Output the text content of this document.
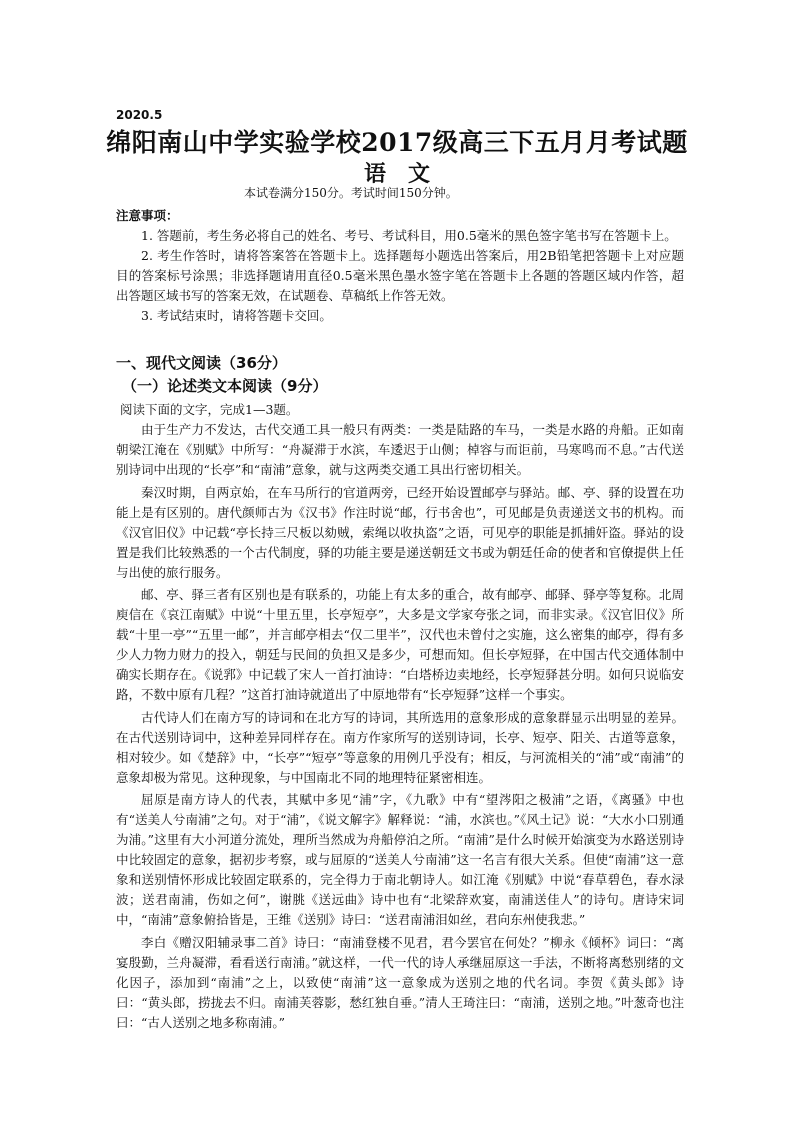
2020.5
绵阳南山中学实验学校2017级高三下五月月考试题
语　文
本试卷满分150分。考试时间150分钟。
注意事项：
1. 答题前，考生务必将自己的姓名、考号、考试科目，用0.5毫米的黑色签字笔书写在答题卡上。
2. 考生作答时，请将答案答在答题卡上。选择题每小题选出答案后，用2B铅笔把答题卡上对应题目的答案标号涂黑；非选择题请用直径0.5毫米黑色墨水签字笔在答题卡上各题的答题区域内作答，超出答题区域书写的答案无效，在试题卷、草稿纸上作答无效。
3. 考试结束时，请将答题卡交回。
一、现代文阅读（36分）
（一）论述类文本阅读（9分）
阅读下面的文字，完成1—3题。

由于生产力不发达，古代交通工具一般只有两类：一类是陆路的车马，一类是水路的舟船。正如南朝梁江淹在《别赋》中所写：“舟凝滞于水滨，车逶迟于山侧；棹容与而讵前，马寒鸣而不息。”古代送别诗词中出现的“长亭”和“南浦”意象，就与这两类交通工具出行密切相关。

秦汉时期，自两京始，在车马所行的官道两旁，已经开始设置邮亭与驿站。邮、亭、驿的设置在功能上是有区别的。唐代颜师古为《汉书》作注时说“邮，行书舍也”，可见邮是负责递送文书的机构。而《汉官旧仪》中记载“亭长持三尺板以劾贼，索绳以收执盗”之语，可见亭的职能是抓捕奸盗。驿站的设置是我们比较熟悉的一个古代制度，驿的功能主要是递送朝廷文书或为朝廷任命的使者和官僚提供上任与出使的旅行服务。

邮、亭、驿三者有区别也是有联系的，功能上有太多的重合，故有邮亭、邮驿、驿亭等复称。北周庾信在《哀江南赋》中说“十里五里，长亭短亭”，大多是文学家夸张之词，而非实录。《汉官旧仪》所载“十里一亭”“五里一邮”，并言邮亭相去“仅二里半”，汉代也未曾付之实施，这么密集的邮亭，得有多少人力物力财力的投入，朝廷与民间的负担又是多少，可想而知。但长亭短驿，在中国古代交通体制中确实长期存在。《说郛》中记载了宋人一首打油诗：“白塔桥边卖地经，长亭短驿甚分明。如何只说临安路，不数中原有几程？”这首打油诗就道出了中原地带有“长亭短驿”这样一个事实。

古代诗人们在南方写的诗词和在北方写的诗词，其所选用的意象形成的意象群显示出明显的差异。在古代送别诗词中，这种差异同样存在。南方作家所写的送别诗词，长亭、短亭、阳关、古道等意象，相对较少。如《楚辞》中，“长亭”“短亭”等意象的用例几乎没有；相反，与河流相关的“浦”或“南浦”的意象却极为常见。这种现象，与中国南北不同的地理特征紧密相连。

屈原是南方诗人的代表，其赋中多见“浦”字，《九歌》中有“望涔阳之极浦”之语，《离骚》中也有“送美人兮南浦”之句。对于“浦”，《说文解字》解释说：“浦，水滨也。”《风土记》说：“大水小口别通为浦。”这里有大小河道分流处，理所当然成为舟船停泊之所。“南浦”是什么时候开始演变为水路送别诗中比较固定的意象，据初步考察，或与屈原的“送美人兮南浦”这一名言有很大关系。但使“南浦”这一意象和送别情怀形成比较固定联系的，完全得力于南北朝诗人。如江淹《别赋》中说“春草碧色，春水渌波；送君南浦，伤如之何”，谢朓《送远曲》诗中也有“北梁辞欢宴，南浦送佳人”的诗句。唐诗宋词中，“南浦”意象俯拾皆是，王维《送别》诗曰：“送君南浦泪如丝，君向东州使我悲。”

李白《赠汉阳辅录事二首》诗曰：“南浦登楼不见君，君今罢官在何处？”柳永《倾杯》词曰：“离宴殷勤，兰舟凝滞，看看送行南浦。”就这样，一代一代的诗人承继屈原这一手法，不断将离愁别绪的文化因子，添加到“南浦”之上，以致使“南浦”这一意象成为送别之地的代名词。李贺《黄头郎》诗曰：“黄头郎，捞拢去不归。南浦芙蓉影，愁红独自垂。”清人王琦注曰：“南浦，送别之地。”叶葱奇也注曰：“古人送别之地多称南浦。”
